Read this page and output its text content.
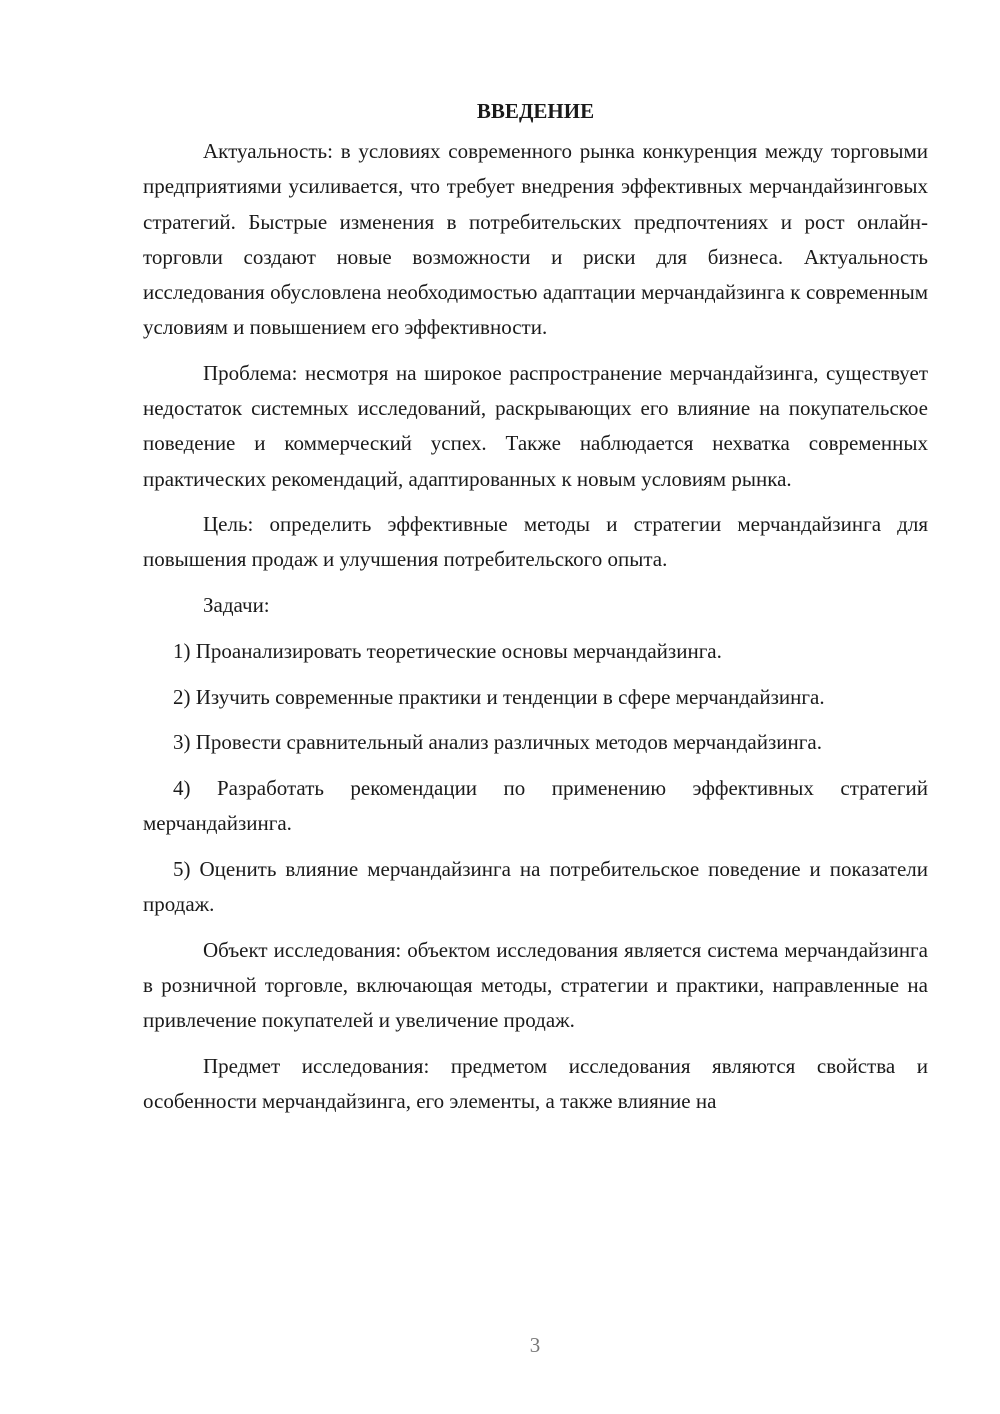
ВВЕДЕНИЕ

Актуальность: в условиях современного рынка конкуренция между торговыми предприятиями усиливается, что требует внедрения эффективных мерчандайзинговых стратегий. Быстрые изменения в потребительских предпочтениях и рост онлайн-торговли создают новые возможности и риски для бизнеса. Актуальность исследования обусловлена необходимостью адаптации мерчандайзинга к современным условиям и повышением его эффективности.

Проблема: несмотря на широкое распространение мерчандайзинга, существует недостаток системных исследований, раскрывающих его влияние на покупательское поведение и коммерческий успех. Также наблюдается нехватка современных практических рекомендаций, адаптированных к новым условиям рынка.

Цель: определить эффективные методы и стратегии мерчандайзинга для повышения продаж и улучшения потребительского опыта.

Задачи:

1) Проанализировать теоретические основы мерчандайзинга.

2) Изучить современные практики и тенденции в сфере мерчандайзинга.

3) Провести сравнительный анализ различных методов мерчандайзинга.

4) Разработать рекомендации по применению эффективных стратегий мерчандайзинга.

5) Оценить влияние мерчандайзинга на потребительское поведение и показатели продаж.

Объект исследования: объектом исследования является система мерчандайзинга в розничной торговле, включающая методы, стратегии и практики, направленные на привлечение покупателей и увеличение продаж.

Предмет исследования: предметом исследования являются свойства и особенности мерчандайзинга, его элементы, а также влияние на

3
